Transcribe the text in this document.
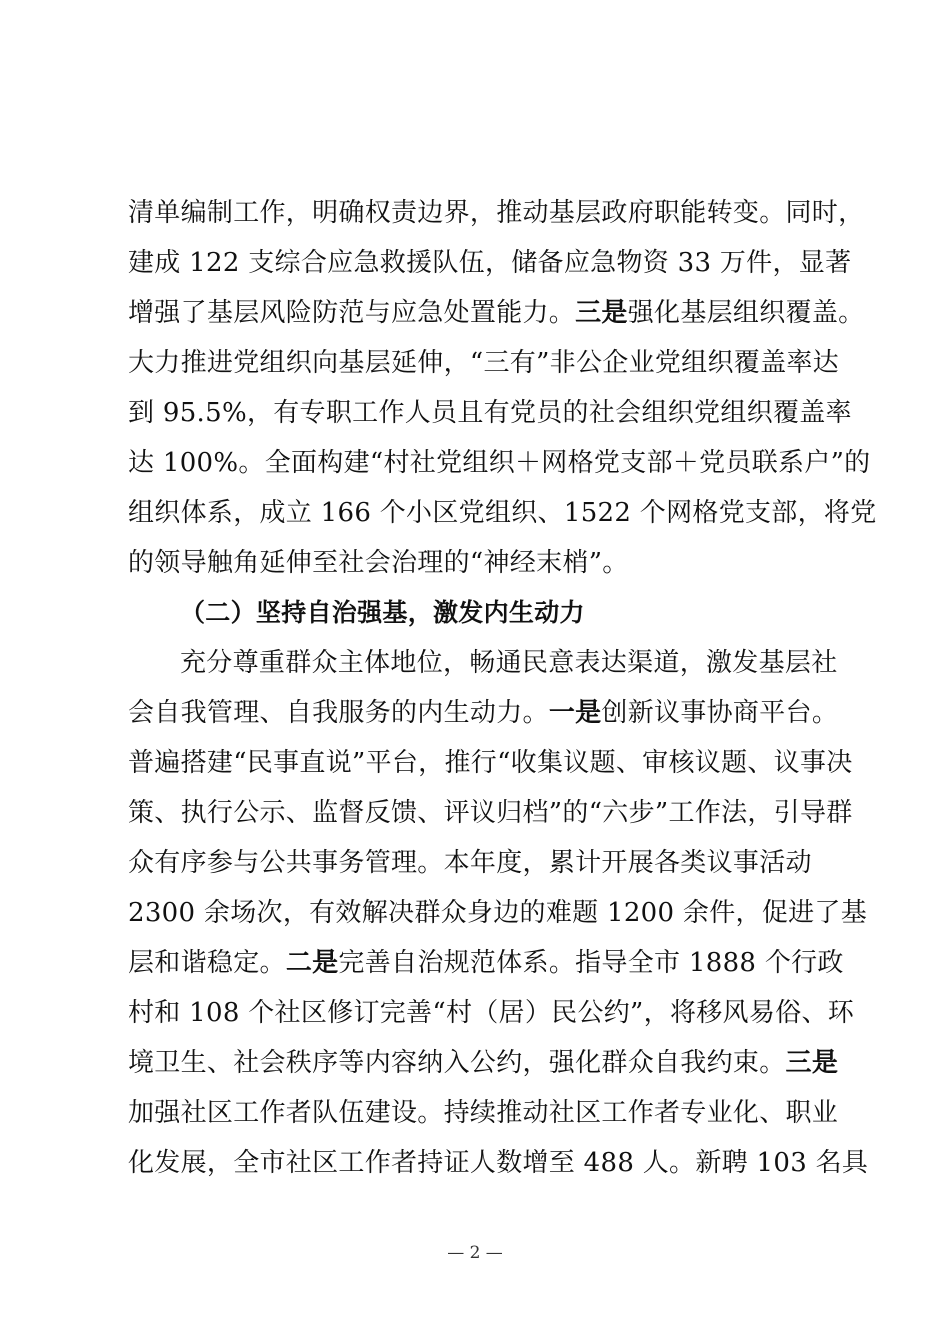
清单编制工作，明确权责边界，推动基层政府职能转变。同时，
建成 122 支综合应急救援队伍，储备应急物资 33 万件，显著
增强了基层风险防范与应急处置能力。三是强化基层组织覆盖。
大力推进党组织向基层延伸，“三有”非公企业党组织覆盖率达
到 95.5%，有专职工作人员且有党员的社会组织党组织覆盖率
达 100%。全面构建“村社党组织＋网格党支部＋党员联系户”的
组织体系，成立 166 个小区党组织、1522 个网格党支部，将党
的领导触角延伸至社会治理的“神经末梢”。
（二）坚持自治强基，激发内生动力
充分尊重群众主体地位，畅通民意表达渠道，激发基层社
会自我管理、自我服务的内生动力。一是创新议事协商平台。
普遍搭建“民事直说”平台，推行“收集议题、审核议题、议事决
策、执行公示、监督反馈、评议归档”的“六步”工作法，引导群
众有序参与公共事务管理。本年度，累计开展各类议事活动
2300 余场次，有效解决群众身边的难题 1200 余件，促进了基
层和谐稳定。二是完善自治规范体系。指导全市 1888 个行政
村和 108 个社区修订完善“村（居）民公约”，将移风易俗、环
境卫生、社会秩序等内容纳入公约，强化群众自我约束。三是
加强社区工作者队伍建设。持续推动社区工作者专业化、职业
化发展，全市社区工作者持证人数增至 488 人。新聘 103 名具
— 2 —
